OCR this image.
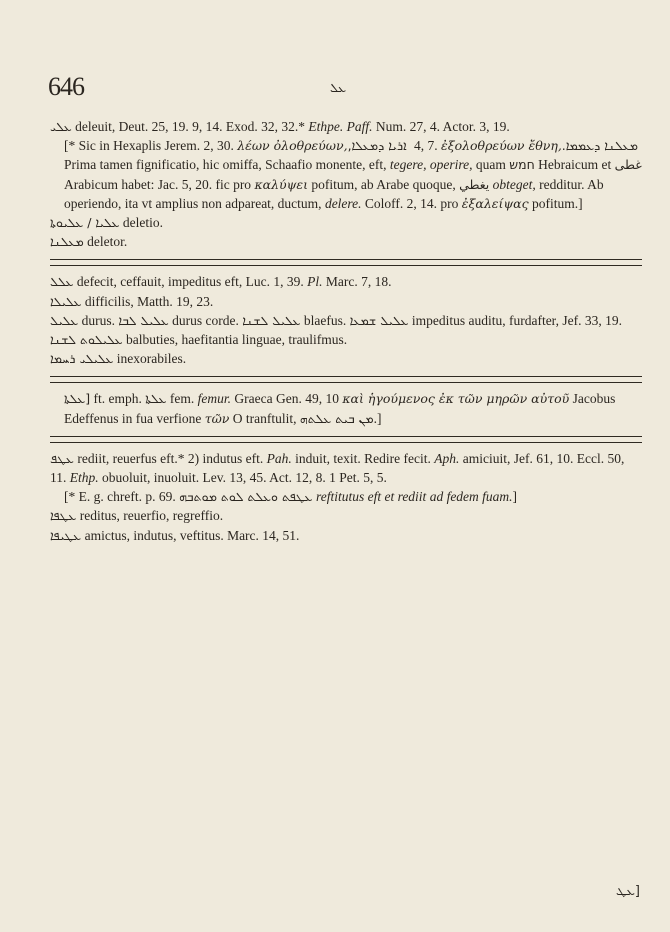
646	ܥܠ

ܥܠܝ deleuit, Deut. 25, 19. 9, 14. Exod. 32, 32.* Ethpe. Paff. Num. 27, 4. Actor. 3, 19.

[* Sic in Hexaplis Jerem. 2, 30. λέων ὀλοθρεύων, ܐܪܝܐ ܕܡܥܠܐ, 4, 7. ἐξολοθρεύων ἔθνη, ܡܥܠܢܐ ܕܥܡܡܐ. Prima tamen fignificatio, hic omiffa, Schaafio monente, eft, tegere, operire, quam חמש Hebraicum et غطى Arabicum habet: Jac. 5, 20. fic pro καλύψει pofitum, ab Arabe quoque, يغطي obteget, redditur. Ab operiendo, ita vt amplius non adpareat, ductum, delere. Coloff. 2, 14. pro ἐξαλείψας pofitum.]

ܥܠܝܐ / ܥܠܝܘܬܐ deletio.

ܡܥܠܢܐ deletor.

ܥܠܠ defecit, ceffauit, impeditus eft, Luc. 1, 39. Pl. Marc. 7, 18.

ܥܠܝܠܐ difficilis, Matth. 19, 23.

ܥܠܝܠ durus. ܥܠܝܠ ܠܒܐ durus corde. ܥܠܝܠ ܠܫܢܐ blaefus. ܥܠܝܠ ܫܡܥܐ impeditus auditu, furdafter, Jef. 33, 19.

ܥܠܝܠܘܬ ܠܫܢܐ balbuties, haefitantia linguae, traulifmus.

ܥܠܝܠܝ ܪܚܡܐ inexorabiles.

[ܥܠܬܐ ft. emph. ܥܠܬܐ fem. femur. Graeca Gen. 49, 10 καὶ ἡγούμενος ἐκ τῶν μηρῶν αὐτοῦ Jacobus Edeffenus in fua verfione τῶν O tranftulit, ܡܢ ܒܝܬ ܥܠܬܗ.]

ܥܛܦ rediit, reuerfus eft.* 2) indutus eft. Pah. induit, texit. Redire fecit. Aph. amiciuit, Jef. 61, 10. Eccl. 50, 11. Ethp. obuoluit, inuoluit. Lev. 13, 45. Act. 12, 8. 1 Pet. 5, 5.

[* E. g. chreft. p. 69. ܥܛܦܬ ܘܥܠܬ ܠܘܬ ܡܘܬܒܗ reftitutus eft et rediit ad fedem fuam.]

ܥܛܦܐ reditus, reuerfio, regreffio.

ܥܛܝܦܐ amictus, indutus, veftitus. Marc. 14, 51.

[ܥܛ
